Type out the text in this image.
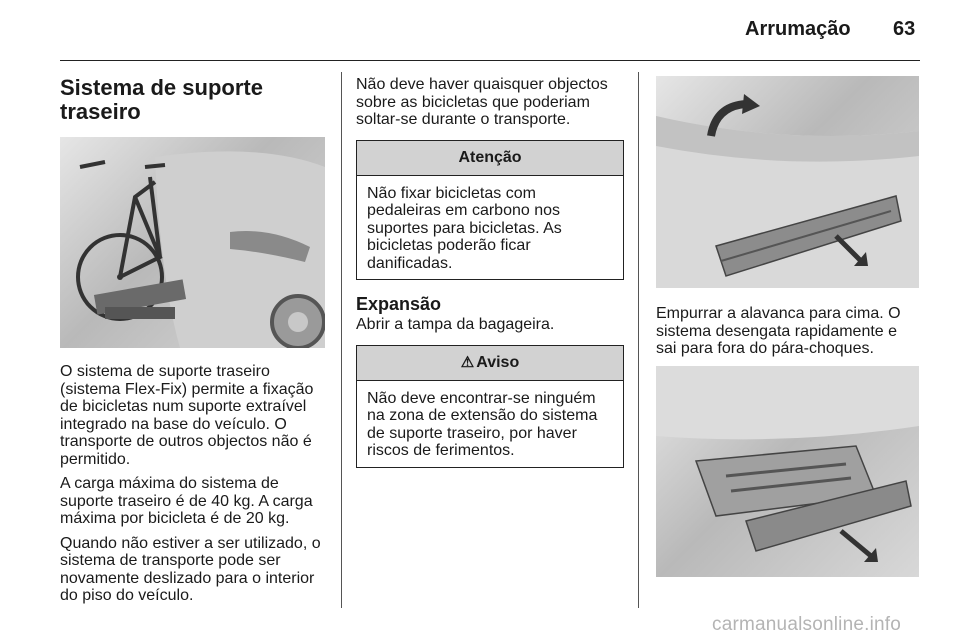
Arrumação 63
Sistema de suporte traseiro

O sistema de suporte traseiro (sistema Flex-Fix) permite a fixação de bicicletas num suporte extraível integrado na base do veículo. O transporte de outros objectos não é permitido.

A carga máxima do sistema de suporte traseiro é de 40 kg. A carga máxima por bicicleta é de 20 kg.

Quando não estiver a ser utilizado, o sistema de transporte pode ser novamente deslizado para o interior do piso do veículo.

Não deve haver quaisquer objectos sobre as bicicletas que poderiam soltar-se durante o transporte.

Atenção
Não fixar bicicletas com pedaleiras em carbono nos suportes para bicicletas. As bicicletas poderão ficar danificadas.
Expansão

Abrir a tampa da bagageira.

⚠ Aviso
Não deve encontrar-se ninguém na zona de extensão do sistema de suporte traseiro, por haver riscos de ferimentos.

Empurrar a alavanca para cima. O sistema desengata rapidamente e sai para fora do pára-choques.

carmanualsonline.info
